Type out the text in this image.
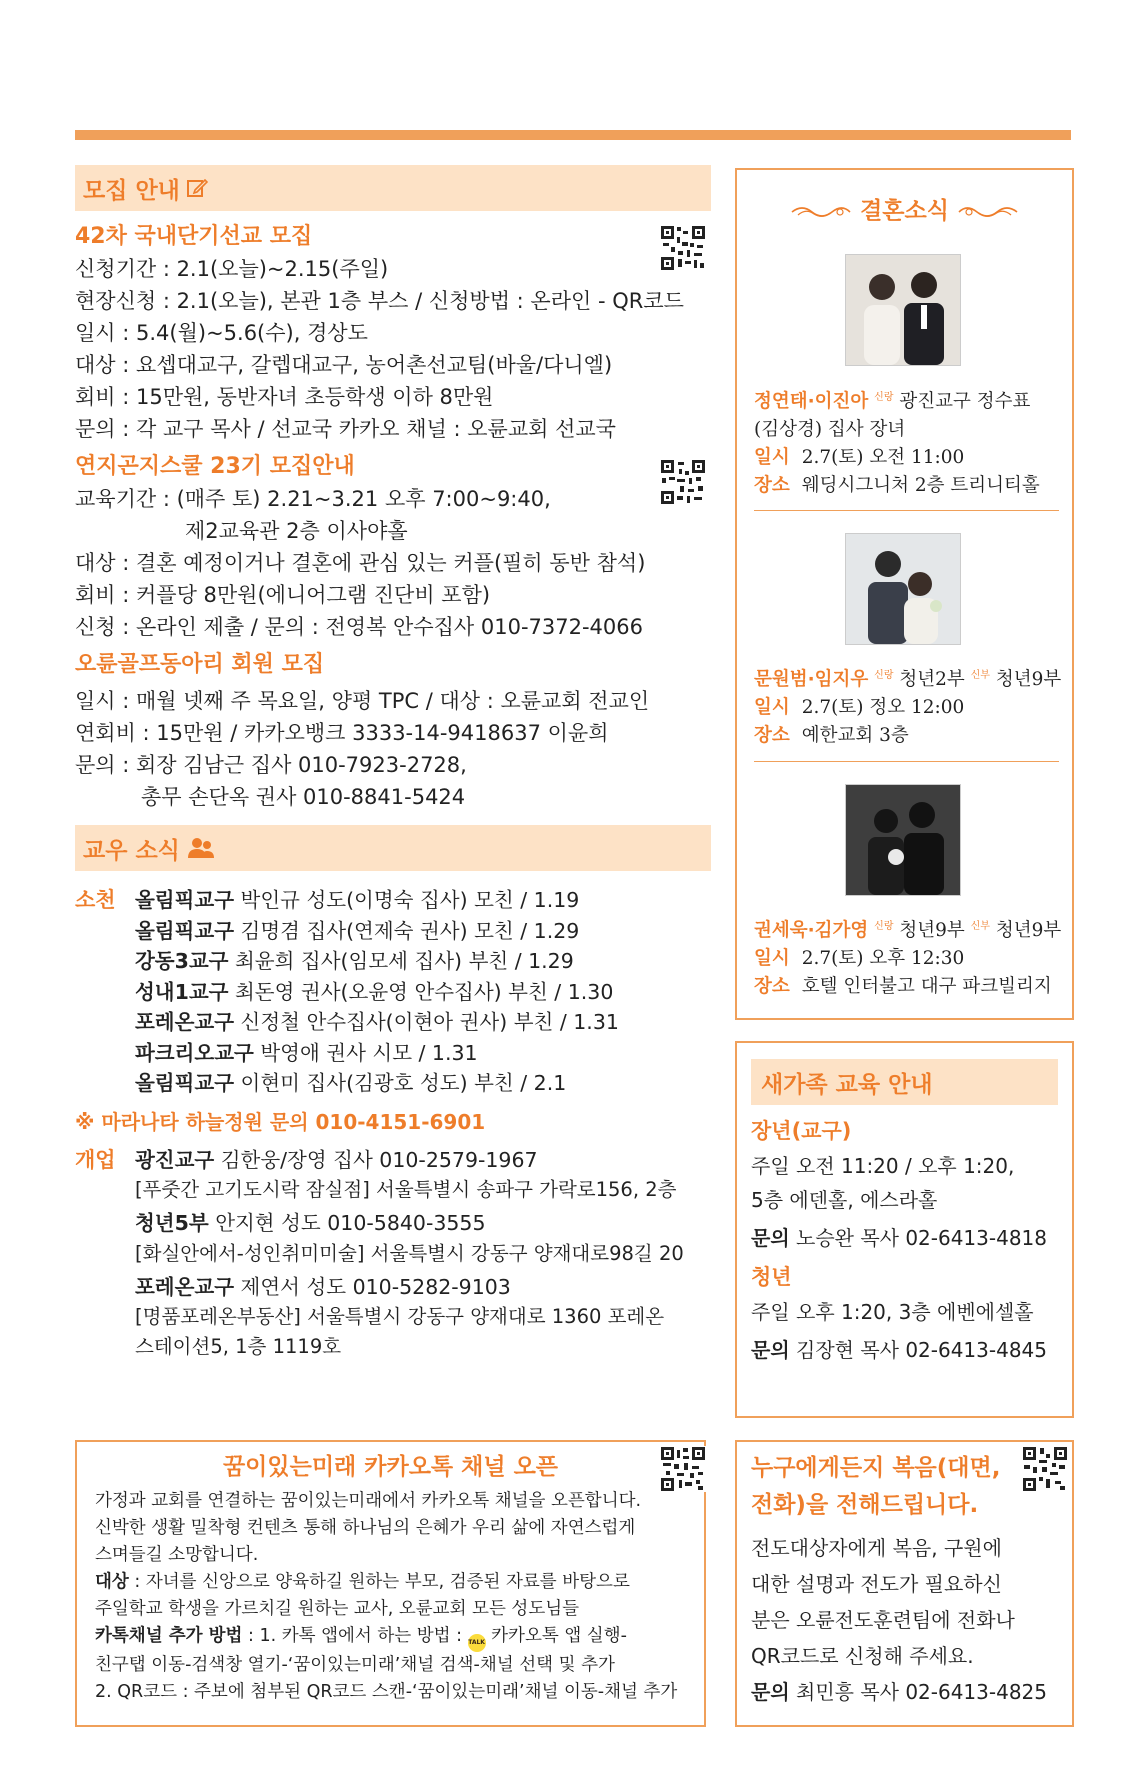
모집 안내
42차 국내단기선교 모집
신청기간 : 2.1(오늘)~2.15(주일)
현장신청 : 2.1(오늘), 본관 1층 부스 / 신청방법 : 온라인 - QR코드
일시 : 5.4(월)~5.6(수), 경상도
대상 : 요셉대교구, 갈렙대교구, 농어촌선교팀(바울/다니엘)
회비 : 15만원, 동반자녀 초등학생 이하 8만원
문의 : 각 교구 목사 / 선교국 카카오 채널 : 오륜교회 선교국
연지곤지스쿨 23기 모집안내
교육기간 : (매주 토) 2.21~3.21 오후 7:00~9:40,
제2교육관 2층 이사야홀
대상 : 결혼 예정이거나 결혼에 관심 있는 커플(필히 동반 참석)
회비 : 커플당 8만원(에니어그램 진단비 포함)
신청 : 온라인 제출 / 문의 : 전영복 안수집사 010-7372-4066
오륜골프동아리 회원 모집
일시 : 매월 넷째 주 목요일, 양평 TPC / 대상 : 오륜교회 전교인
연회비 : 15만원 / 카카오뱅크 3333-14-9418637 이윤희
문의 : 회장 김남근 집사 010-7923-2728,
총무 손단옥 권사 010-8841-5424
교우 소식
소천 올림픽교구 박인규 성도(이명숙 집사) 모친 / 1.19
올림픽교구 김명겸 집사(연제숙 권사) 모친 / 1.29
강동3교구 최윤희 집사(임모세 집사) 부친 / 1.29
성내1교구 최돈영 권사(오윤영 안수집사) 부친 / 1.30
포레온교구 신정철 안수집사(이현아 권사) 부친 / 1.31
파크리오교구 박영애 권사 시모 / 1.31
올림픽교구 이현미 집사(김광호 성도) 부친 / 2.1
※ 마라나타 하늘정원 문의 010-4151-6901
개업 광진교구 김한웅/장영 집사 010-2579-1967
[푸줏간 고기도시락 잠실점] 서울특별시 송파구 가락로156, 2층
청년5부 안지현 성도 010-5840-3555
[화실안에서-성인취미미술] 서울특별시 강동구 양재대로98길 20
포레온교구 제연서 성도 010-5282-9103
[명품포레온부동산] 서울특별시 강동구 양재대로 1360 포레온
스테이션5, 1층 1119호
꿈이있는미래 카카오톡 채널 오픈
가정과 교회를 연결하는 꿈이있는미래에서 카카오톡 채널을 오픈합니다.
신박한 생활 밀착형 컨텐츠 통해 하나님의 은혜가 우리 삶에 자연스럽게
스며들길 소망합니다.
대상 : 자녀를 신앙으로 양육하길 원하는 부모, 검증된 자료를 바탕으로
주일학교 학생을 가르치길 원하는 교사, 오륜교회 모든 성도님들
카톡채널 추가 방법 : 1. 카톡 앱에서 하는 방법 : TALK 카카오톡 앱 실행-
친구탭 이동-검색창 열기-‘꿈이있는미래’채널 검색-채널 선택 및 추가
2. QR코드 : 주보에 첨부된 QR코드 스캔-‘꿈이있는미래’채널 이동-채널 추가
결혼소식
정연태·이진아 $^{신랑}$ 광진교구 정수표
(김상경) 집사 장녀
일시 2.7(토) 오전 11:00
장소 웨딩시그니처 2층 트리니티홀
문원범·임지우 $^{신랑}$ 청년2부 $^{신부}$ 청년9부
일시 2.7(토) 정오 12:00
장소 예한교회 3층
권세욱·김가영 $^{신랑}$ 청년9부 $^{신부}$ 청년9부
일시 2.7(토) 오후 12:30
장소 호텔 인터불고 대구 파크빌리지
새가족 교육 안내
장년(교구)
주일 오전 11:20 / 오후 1:20,
5층 에덴홀, 에스라홀
문의 노승완 목사 02-6413-4818
청년
주일 오후 1:20, 3층 에벤에셀홀
문의 김장현 목사 02-6413-4845
누구에게든지 복음(대면,
전화)을 전해드립니다.
전도대상자에게 복음, 구원에
대한 설명과 전도가 필요하신
분은 오륜전도훈련팀에 전화나
QR코드로 신청해 주세요.
문의 최민흥 목사 02-6413-4825
